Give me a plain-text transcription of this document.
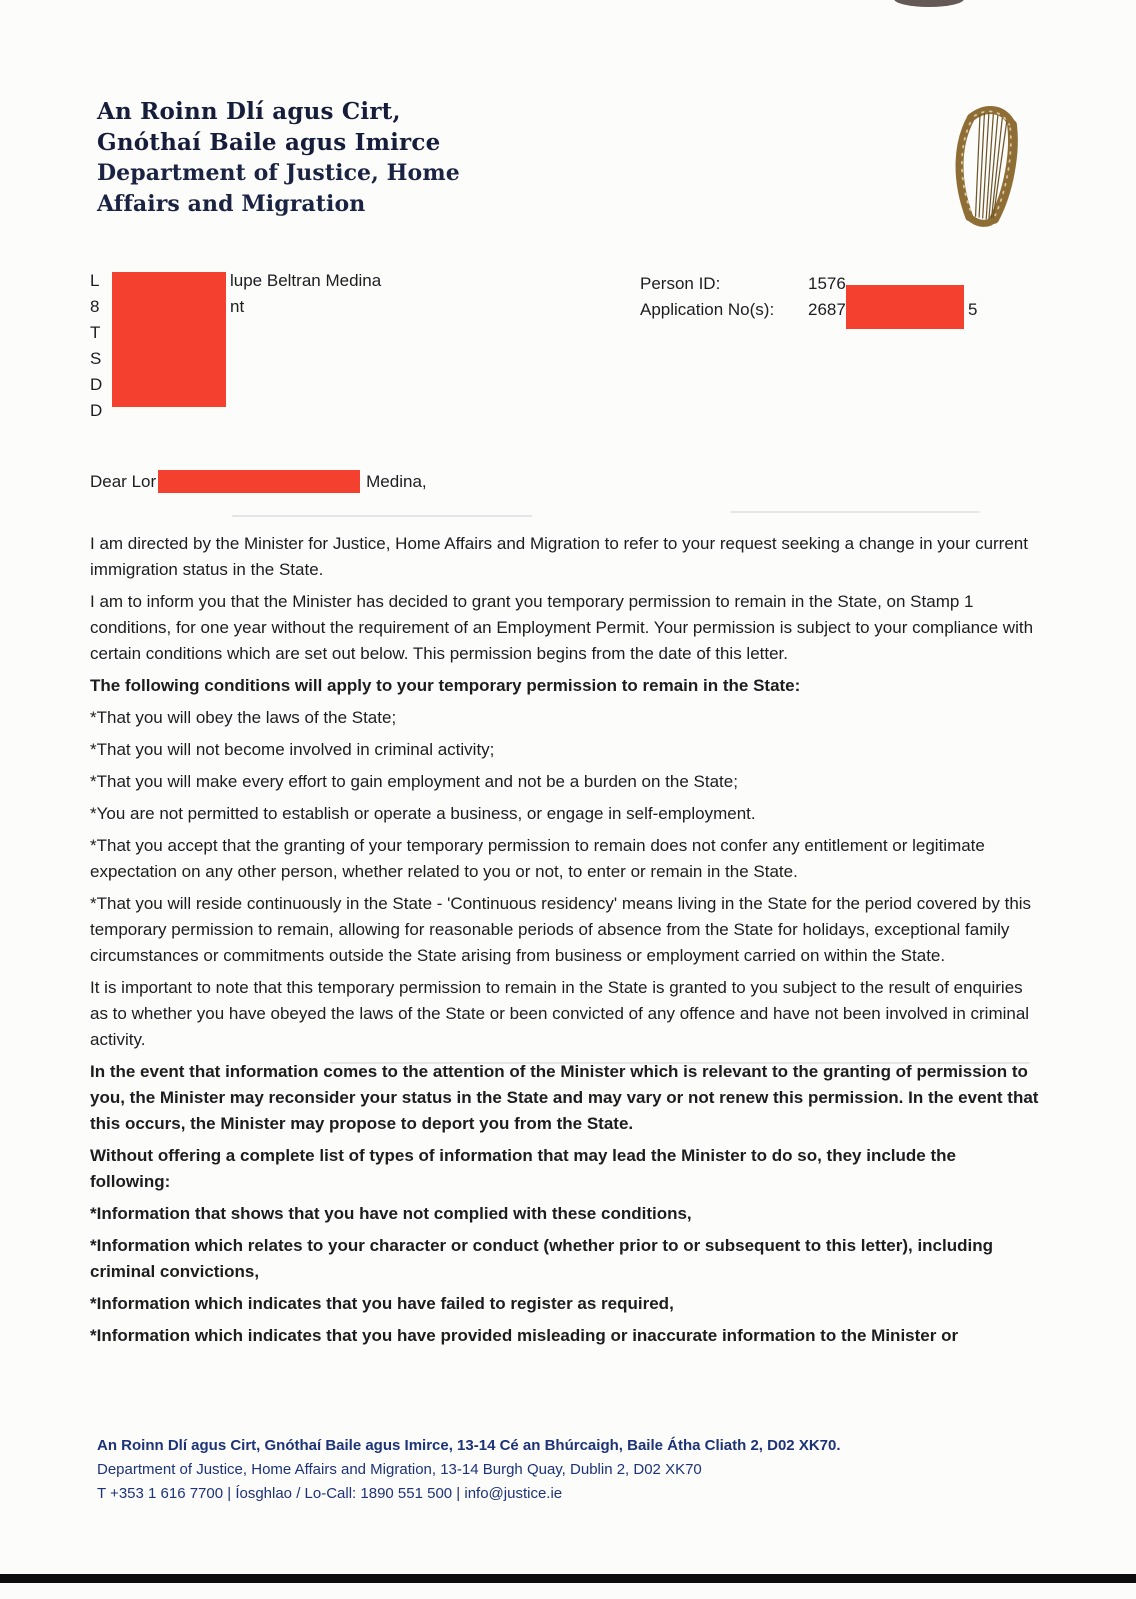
An Roinn Dlí agus Cirt,
Gnóthaí Baile agus Imirce
Department of Justice, Home
Affairs and Migration
L	lupe Beltran Medina
8	nt
T
S
D
D
Person ID:	1576
Application No(s):	2687	5
Dear Lor	Medina,

I am directed by the Minister for Justice, Home Affairs and Migration to refer to your request seeking a change in your current immigration status in the State.

I am to inform you that the Minister has decided to grant you temporary permission to remain in the State, on Stamp 1 conditions, for one year without the requirement of an Employment Permit. Your permission is subject to your compliance with certain conditions which are set out below. This permission begins from the date of this letter.

The following conditions will apply to your temporary permission to remain in the State:

*That you will obey the laws of the State;

*That you will not become involved in criminal activity;

*That you will make every effort to gain employment and not be a burden on the State;

*You are not permitted to establish or operate a business, or engage in self-employment.

*That you accept that the granting of your temporary permission to remain does not confer any entitlement or legitimate expectation on any other person, whether related to you or not, to enter or remain in the State.

*That you will reside continuously in the State - 'Continuous residency' means living in the State for the period covered by this temporary permission to remain, allowing for reasonable periods of absence from the State for holidays, exceptional family circumstances or commitments outside the State arising from business or employment carried on within the State.

It is important to note that this temporary permission to remain in the State is granted to you subject to the result of enquiries as to whether you have obeyed the laws of the State or been convicted of any offence and have not been involved in criminal activity.

In the event that information comes to the attention of the Minister which is relevant to the granting of permission to you, the Minister may reconsider your status in the State and may vary or not renew this permission. In the event that this occurs, the Minister may propose to deport you from the State.

Without offering a complete list of types of information that may lead the Minister to do so, they include the following:

*Information that shows that you have not complied with these conditions,

*Information which relates to your character or conduct (whether prior to or subsequent to this letter), including criminal convictions,

*Information which indicates that you have failed to register as required,

*Information which indicates that you have provided misleading or inaccurate information to the Minister or

An Roinn Dlí agus Cirt, Gnóthaí Baile agus Imirce, 13-14 Cé an Bhúrcaigh, Baile Átha Cliath 2, D02 XK70.
Department of Justice, Home Affairs and Migration, 13-14 Burgh Quay, Dublin 2, D02 XK70
T +353 1 616 7700 | Íosghlao / Lo-Call: 1890 551 500 | info@justice.ie
